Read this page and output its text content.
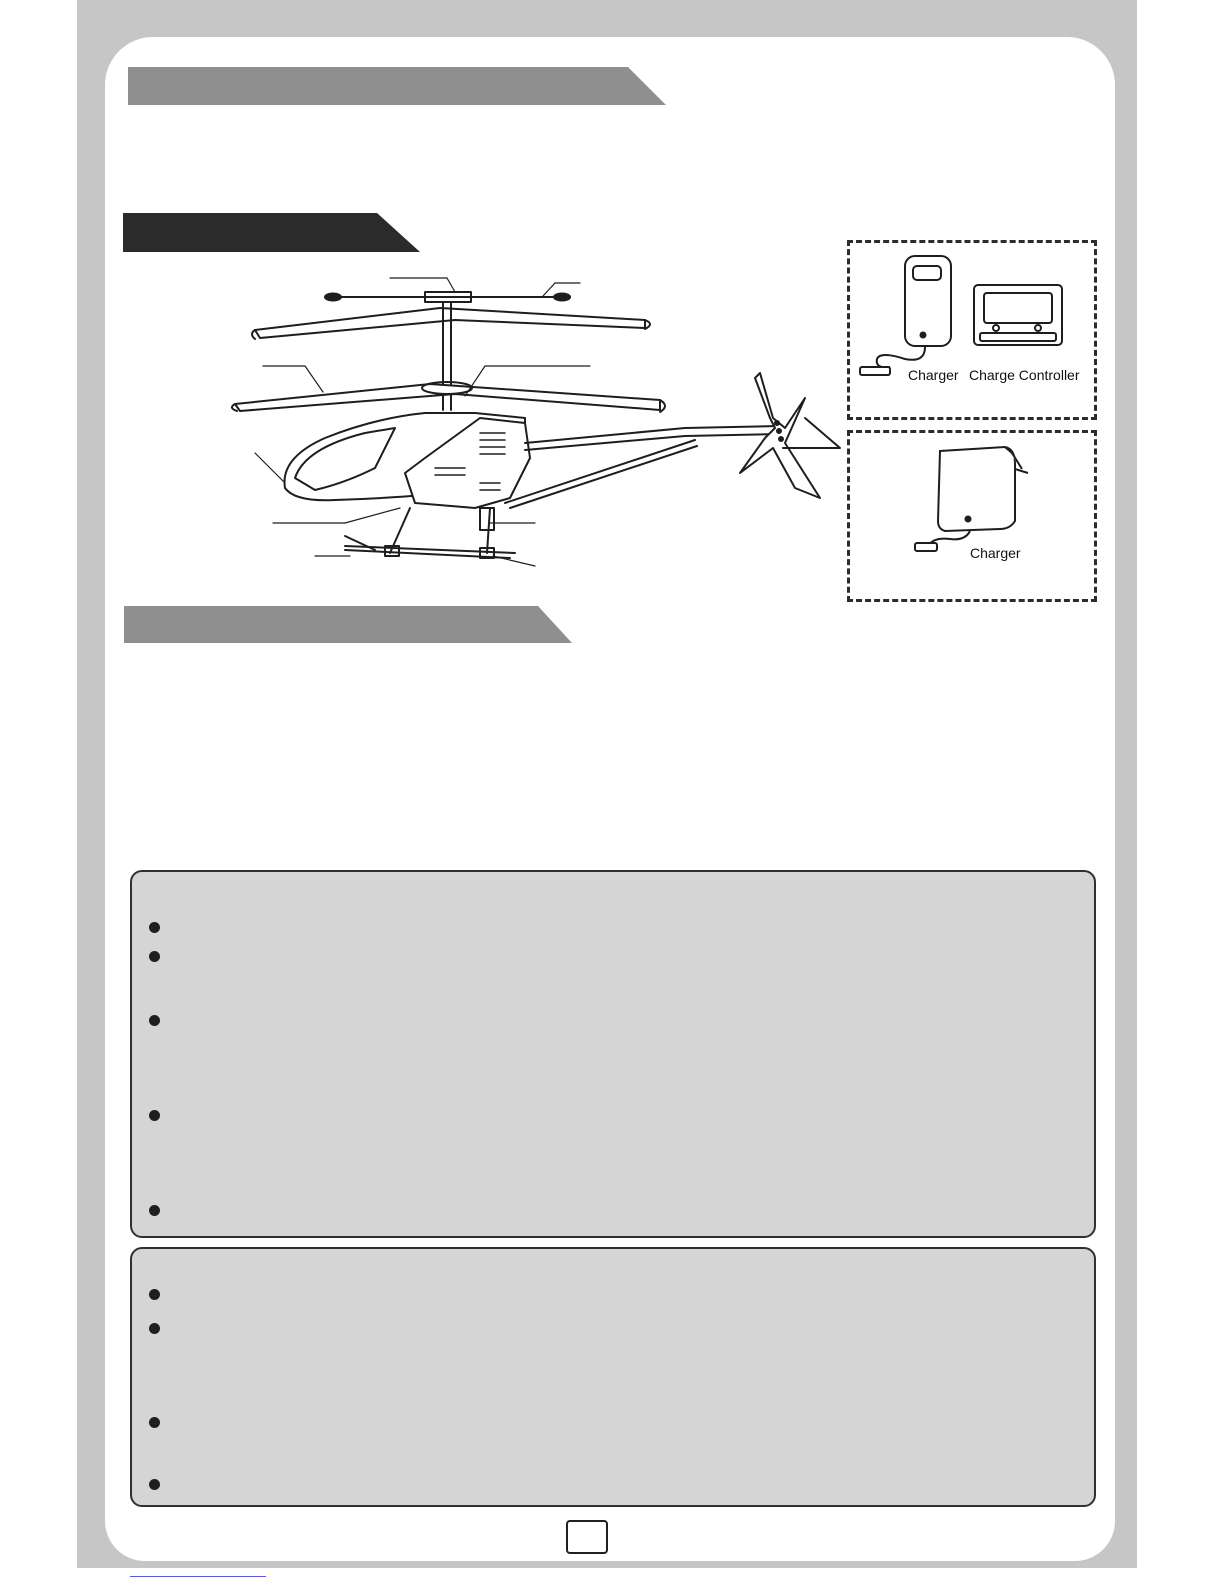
Charger Charge Controller
Charger
